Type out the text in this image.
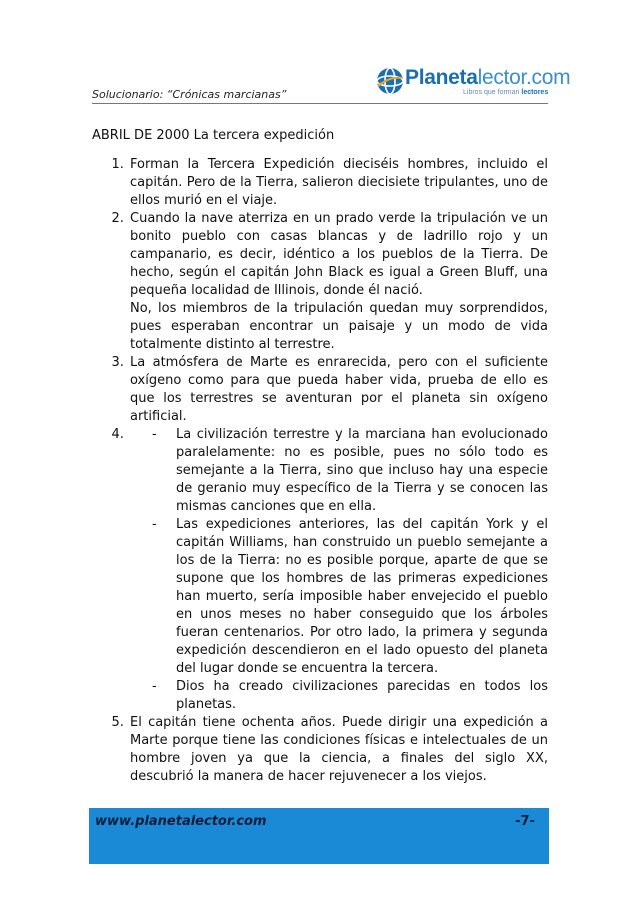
Solucionario: “Crónicas marcianas”
Planetalector.com
Libros que forman lectores
ABRIL DE 2000 La tercera expedición
1. Forman la Tercera Expedición dieciséis hombres, incluido el capitán. Pero de la Tierra, salieron diecisiete tripulantes, uno de ellos murió en el viaje.

2. Cuando la nave aterriza en un prado verde la tripulación ve un bonito pueblo con casas blancas y de ladrillo rojo y un campanario, es decir, idéntico a los pueblos de la Tierra. De hecho, según el capitán John Black es igual a Green Bluff, una pequeña localidad de Illinois, donde él nació.

No, los miembros de la tripulación quedan muy sorprendidos, pues esperaban encontrar un paisaje y un modo de vida totalmente distinto al terrestre.

3. La atmósfera de Marte es enrarecida, pero con el suficiente oxígeno como para que pueda haber vida, prueba de ello es que los terrestres se aventuran por el planeta sin oxígeno artificial.
4. - La civilización terrestre y la marciana han evolucionado paralelamente: no es posible, pues no sólo todo es semejante a la Tierra, sino que incluso hay una especie de geranio muy específico de la Tierra y se conocen las mismas canciones que en ella.
- Las expediciones anteriores, las del capitán York y el capitán Williams, han construido un pueblo semejante a los de la Tierra: no es posible porque, aparte de que se supone que los hombres de las primeras expediciones han muerto, sería imposible haber envejecido el pueblo en unos meses no haber conseguido que los árboles fueran centenarios. Por otro lado, la primera y segunda expedición descendieron en el lado opuesto del planeta del lugar donde se encuentra la tercera.
- Dios ha creado civilizaciones parecidas en todos los planetas.
5. El capitán tiene ochenta años. Puede dirigir una expedición a Marte porque tiene las condiciones físicas e intelectuales de un hombre joven ya que la ciencia, a finales del siglo XX, descubrió la manera de hacer rejuvenecer a los viejos.
www.planetalector.com	-7-
